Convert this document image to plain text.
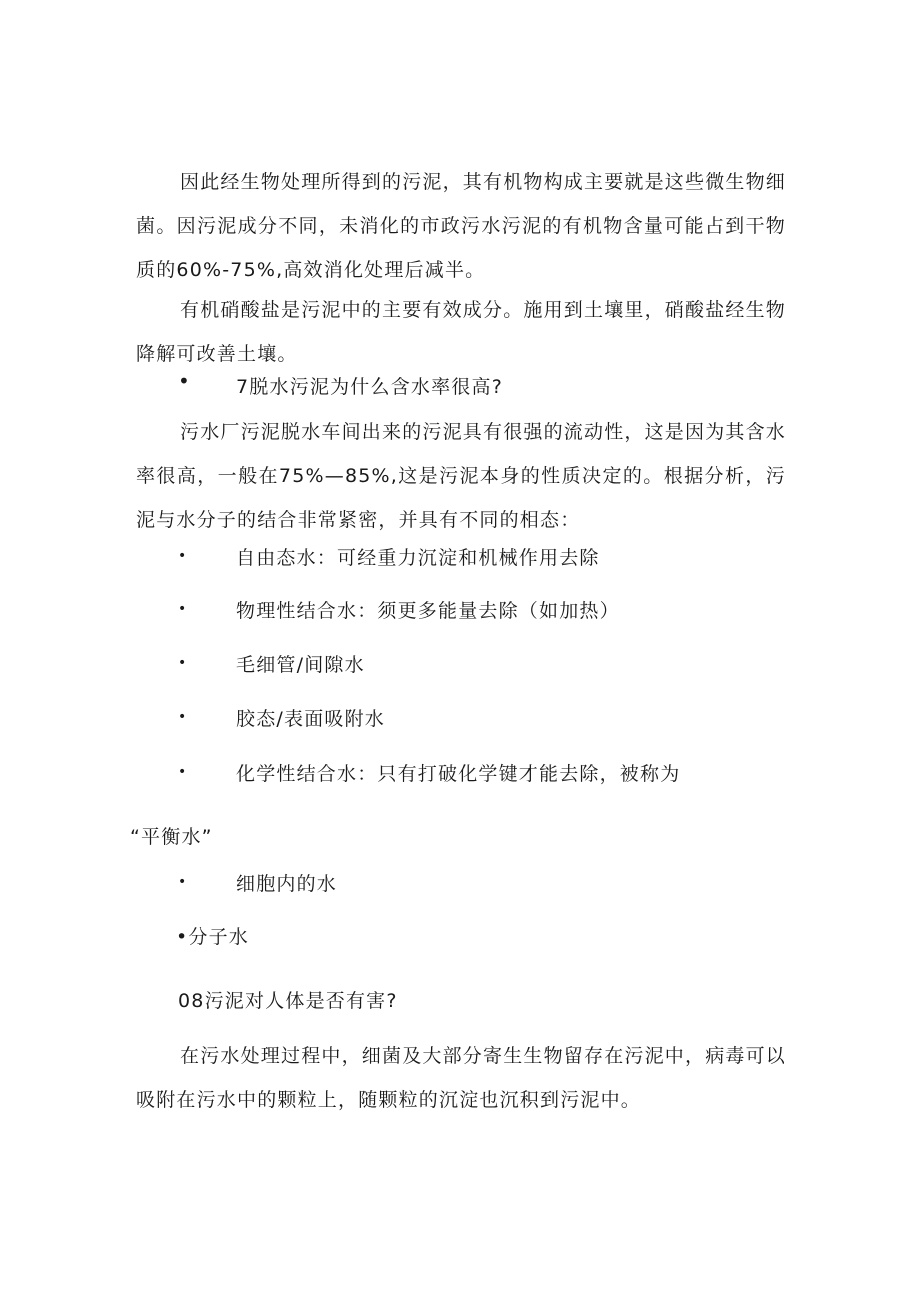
因此经生物处理所得到的污泥，其有机物构成主要就是这些微生物细菌。因污泥成分不同，未消化的市政污水污泥的有机物含量可能占到干物质的60%-75%,高效消化处理后减半。

有机硝酸盐是污泥中的主要有效成分。施用到土壤里，硝酸盐经生物降解可改善土壤。

• 7脱水污泥为什么含水率很高?

污水厂污泥脱水车间出来的污泥具有很强的流动性，这是因为其含水率很高，一般在75%—85%,这是污泥本身的性质决定的。根据分析，污泥与水分子的结合非常紧密，并具有不同的相态：

•	自由态水：可经重力沉淀和机械作用去除

•	物理性结合水：须更多能量去除（如加热）

•	毛细管/间隙水

•	胶态/表面吸附水

•	化学性结合水：只有打破化学键才能去除，被称为

“平衡水”

•	细胞内的水

•分子水

08污泥对人体是否有害?

在污水处理过程中，细菌及大部分寄生生物留存在污泥中，病毒可以吸附在污水中的颗粒上，随颗粒的沉淀也沉积到污泥中。
